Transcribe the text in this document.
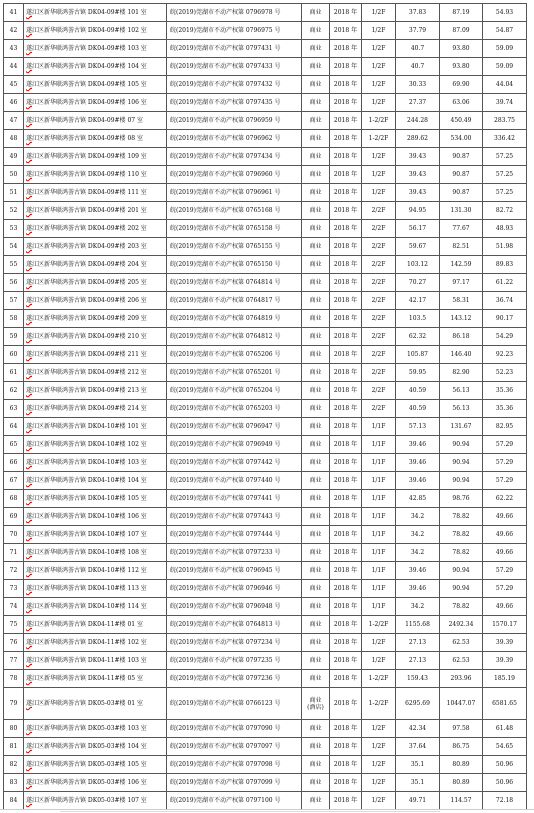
41	遂江区新华联鸿荟古镇 DK04-09#楼 101 室	皖(2019)莞湖市不动产权第 0796978 号	商业	2018 年	1/2F	37.83	87.19	54.93
42	遂江区新华联鸿荟古镇 DK04-09#楼 102 室	皖(2019)莞湖市不动产权第 0796975 号	商业	2018 年	1/2F	37.79	87.09	54.87
43	遂江区新华联鸿荟古镇 DK04-09#楼 103 室	皖(2019)莞湖市不动产权第 0797431 号	商业	2018 年	1/2F	40.7	93.80	59.09
44	遂江区新华联鸿荟古镇 DK04-09#楼 104 室	皖(2019)莞湖市不动产权第 0797433 号	商业	2018 年	1/2F	40.7	93.80	59.09
45	遂江区新华联鸿荟古镇 DK04-09#楼 105 室	皖(2019)莞湖市不动产权第 0797432 号	商业	2018 年	1/2F	30.33	69.90	44.04
46	遂江区新华联鸿荟古镇 DK04-09#楼 106 室	皖(2019)莞湖市不动产权第 0797435 号	商业	2018 年	1/2F	27.37	63.06	39.74
47	遂江区新华联鸿荟古镇 DK04-09#楼 07 室	皖(2019)莞湖市不动产权第 0796959 号	商业	2018 年	1-2/2F	244.28	450.49	283.75
48	遂江区新华联鸿荟古镇 DK04-09#楼 08 室	皖(2019)莞湖市不动产权第 0796962 号	商业	2018 年	1-2/2F	289.62	534.00	336.42
49	遂江区新华联鸿荟古镇 DK04-09#楼 109 室	皖(2019)莞湖市不动产权第 0797434 号	商业	2018 年	1/2F	39.43	90.87	57.25
50	遂江区新华联鸿荟古镇 DK04-09#楼 110 室	皖(2019)莞湖市不动产权第 0796960 号	商业	2018 年	1/2F	39.43	90.87	57.25
51	遂江区新华联鸿荟古镇 DK04-09#楼 111 室	皖(2019)莞湖市不动产权第 0796961 号	商业	2018 年	1/2F	39.43	90.87	57.25
52	遂江区新华联鸿荟古镇 DK04-09#楼 201 室	皖(2019)莞湖市不动产权第 0765168 号	商业	2018 年	2/2F	94.95	131.30	82.72
53	遂江区新华联鸿荟古镇 DK04-09#楼 202 室	皖(2019)莞湖市不动产权第 0765158 号	商业	2018 年	2/2F	56.17	77.67	48.93
54	遂江区新华联鸿荟古镇 DK04-09#楼 203 室	皖(2019)莞湖市不动产权第 0765155 号	商业	2018 年	2/2F	59.67	82.51	51.98
55	遂江区新华联鸿荟古镇 DK04-09#楼 204 室	皖(2019)莞湖市不动产权第 0765150 号	商业	2018 年	2/2F	103.12	142.59	89.83
56	遂江区新华联鸿荟古镇 DK04-09#楼 205 室	皖(2019)莞湖市不动产权第 0764814 号	商业	2018 年	2/2F	70.27	97.17	61.22
57	遂江区新华联鸿荟古镇 DK04-09#楼 206 室	皖(2019)莞湖市不动产权第 0764817 号	商业	2018 年	2/2F	42.17	58.31	36.74
58	遂江区新华联鸿荟古镇 DK04-09#楼 209 室	皖(2019)莞湖市不动产权第 0764819 号	商业	2018 年	2/2F	103.5	143.12	90.17
59	遂江区新华联鸿荟古镇 DK04-09#楼 210 室	皖(2019)莞湖市不动产权第 0764812 号	商业	2018 年	2/2F	62.32	86.18	54.29
60	遂江区新华联鸿荟古镇 DK04-09#楼 211 室	皖(2019)莞湖市不动产权第 0765206 号	商业	2018 年	2/2F	105.87	146.40	92.23
61	遂江区新华联鸿荟古镇 DK04-09#楼 212 室	皖(2019)莞湖市不动产权第 0765201 号	商业	2018 年	2/2F	59.95	82.90	52.23
62	遂江区新华联鸿荟古镇 DK04-09#楼 213 室	皖(2019)莞湖市不动产权第 0765204 号	商业	2018 年	2/2F	40.59	56.13	35.36
63	遂江区新华联鸿荟古镇 DK04-09#楼 214 室	皖(2019)莞湖市不动产权第 0765203 号	商业	2018 年	2/2F	40.59	56.13	35.36
64	遂江区新华联鸿荟古镇 DK04-10#楼 101 室	皖(2019)莞湖市不动产权第 0796947 号	商业	2018 年	1/1F	57.13	131.67	82.95
65	遂江区新华联鸿荟古镇 DK04-10#楼 102 室	皖(2019)莞湖市不动产权第 0796949 号	商业	2018 年	1/1F	39.46	90.94	57.29
66	遂江区新华联鸿荟古镇 DK04-10#楼 103 室	皖(2019)莞湖市不动产权第 0797442 号	商业	2018 年	1/1F	39.46	90.94	57.29
67	遂江区新华联鸿荟古镇 DK04-10#楼 104 室	皖(2019)莞湖市不动产权第 0797440 号	商业	2018 年	1/1F	39.46	90.94	57.29
68	遂江区新华联鸿荟古镇 DK04-10#楼 105 室	皖(2019)莞湖市不动产权第 0797441 号	商业	2018 年	1/1F	42.85	98.76	62.22
69	遂江区新华联鸿荟古镇 DK04-10#楼 106 室	皖(2019)莞湖市不动产权第 0797443 号	商业	2018 年	1/1F	34.2	78.82	49.66
70	遂江区新华联鸿荟古镇 DK04-10#楼 107 室	皖(2019)莞湖市不动产权第 0797444 号	商业	2018 年	1/1F	34.2	78.82	49.66
71	遂江区新华联鸿荟古镇 DK04-10#楼 108 室	皖(2019)莞湖市不动产权第 0797233 号	商业	2018 年	1/1F	34.2	78.82	49.66
72	遂江区新华联鸿荟古镇 DK04-10#楼 112 室	皖(2019)莞湖市不动产权第 0796945 号	商业	2018 年	1/1F	39.46	90.94	57.29
73	遂江区新华联鸿荟古镇 DK04-10#楼 113 室	皖(2019)莞湖市不动产权第 0796946 号	商业	2018 年	1/1F	39.46	90.94	57.29
74	遂江区新华联鸿荟古镇 DK04-10#楼 114 室	皖(2019)莞湖市不动产权第 0796948 号	商业	2018 年	1/1F	34.2	78.82	49.66
75	遂江区新华联鸿荟古镇 DK04-11#楼 01 室	皖(2019)莞湖市不动产权第 0764813 号	商业	2018 年	1-2/2F	1155.68	2492.34	1570.17
76	遂江区新华联鸿荟古镇 DK04-11#楼 102 室	皖(2019)莞湖市不动产权第 0797234 号	商业	2018 年	1/2F	27.13	62.53	39.39
77	遂江区新华联鸿荟古镇 DK04-11#楼 103 室	皖(2019)莞湖市不动产权第 0797235 号	商业	2018 年	1/2F	27.13	62.53	39.39
78	遂江区新华联鸿荟古镇 DK04-11#楼 05 室	皖(2019)莞湖市不动产权第 0797236 号	商业	2018 年	1-2/2F	159.43	293.96	185.19
79	遂江区新华联鸿荟古镇 DK05-03#楼 01 室	皖(2019)莞湖市不动产权第 0766123 号	商业
(酒店)	2018 年	1-2/2F	6295.69	10447.07	6581.65
80	遂江区新华联鸿荟古镇 DK05-03#楼 103 室	皖(2019)莞湖市不动产权第 0797090 号	商业	2018 年	1/2F	42.34	97.58	61.48
81	遂江区新华联鸿荟古镇 DK05-03#楼 104 室	皖(2019)莞湖市不动产权第 0797097 号	商业	2018 年	1/2F	37.64	86.75	54.65
82	遂江区新华联鸿荟古镇 DK05-03#楼 105 室	皖(2019)莞湖市不动产权第 0797098 号	商业	2018 年	1/2F	35.1	80.89	50.96
83	遂江区新华联鸿荟古镇 DK05-03#楼 106 室	皖(2019)莞湖市不动产权第 0797099 号	商业	2018 年	1/2F	35.1	80.89	50.96
84	遂江区新华联鸿荟古镇 DK05-03#楼 107 室	皖(2019)莞湖市不动产权第 0797100 号	商业	2018 年	1/2F	49.71	114.57	72.18
